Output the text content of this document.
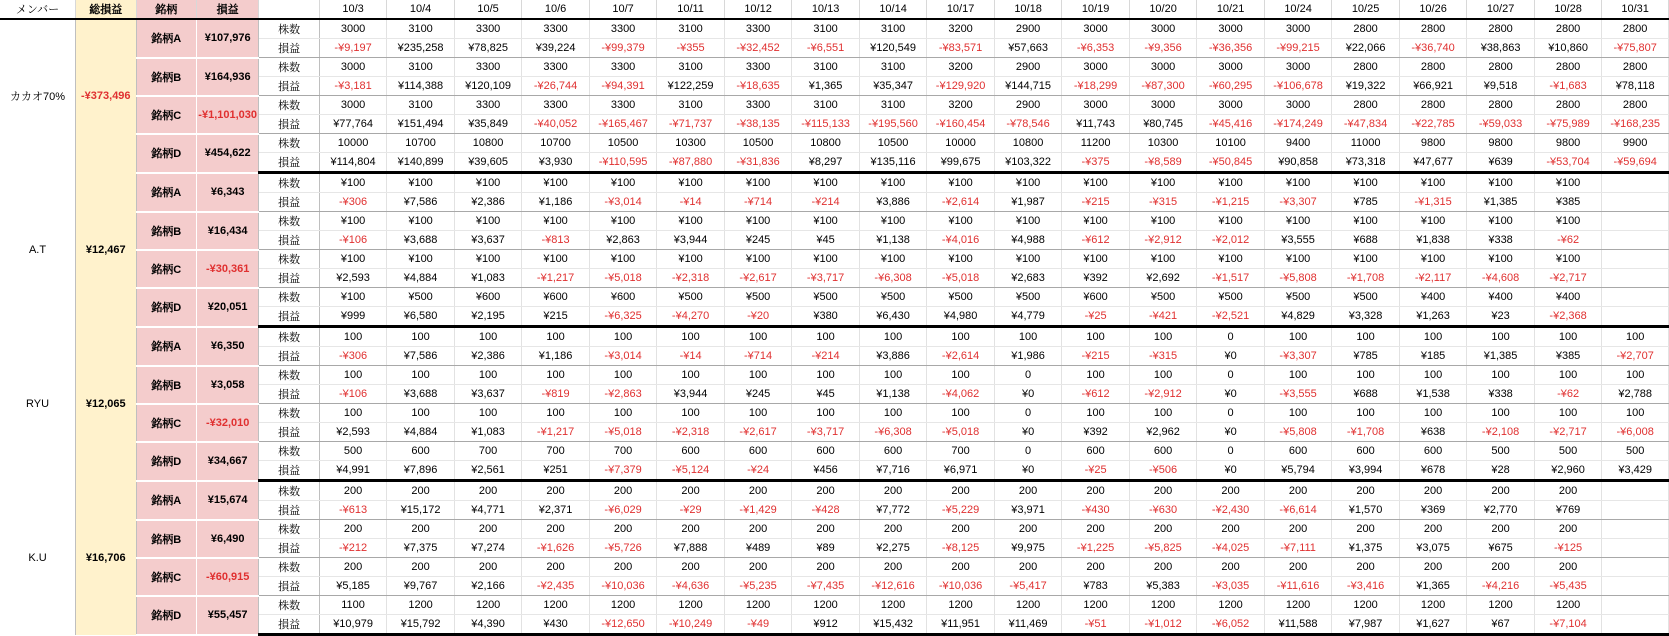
メンバー	総損益	銘柄	損益		10/3	10/4	10/5	10/6	10/7	10/11	10/12	10/13	10/14	10/17	10/18	10/19	10/20	10/21	10/24	10/25	10/26	10/27	10/28	10/31
カカオ70%	-¥373,496	銘柄A	¥107,976	株数	3000	3100	3300	3300	3300	3100	3300	3100	3100	3200	2900	3000	3000	3000	3000	2800	2800	2800	2800	2800
				損益	-¥9,197	¥235,258	¥78,825	¥39,224	-¥99,379	-¥355	-¥32,452	-¥6,551	¥120,549	-¥83,571	¥57,663	-¥6,353	-¥9,356	-¥36,356	-¥99,215	¥22,066	-¥36,740	¥38,863	¥10,860	-¥75,807
		銘柄B	¥164,936	株数	3000	3100	3300	3300	3300	3100	3300	3100	3100	3200	2900	3000	3000	3000	3000	2800	2800	2800	2800	2800
				損益	-¥3,181	¥114,388	¥120,109	-¥26,744	-¥94,391	¥122,259	-¥18,635	¥1,365	¥35,347	-¥129,920	¥144,715	-¥18,299	-¥87,300	-¥60,295	-¥106,678	¥19,322	¥66,921	¥9,518	-¥1,683	¥78,118
		銘柄C	-¥1,101,030	株数	3000	3100	3300	3300	3300	3100	3300	3100	3100	3200	2900	3000	3000	3000	3000	2800	2800	2800	2800	2800
				損益	¥77,764	¥151,494	¥35,849	-¥40,052	-¥165,467	-¥71,737	-¥38,135	-¥115,133	-¥195,560	-¥160,454	-¥78,546	¥11,743	¥80,745	-¥45,416	-¥174,249	-¥47,834	-¥22,785	-¥59,033	-¥75,989	-¥168,235
		銘柄D	¥454,622	株数	10000	10700	10800	10700	10500	10300	10500	10800	10500	10000	10800	11200	10300	10100	9400	11000	9800	9800	9800	9900
				損益	¥114,804	¥140,899	¥39,605	¥3,930	-¥110,595	-¥87,880	-¥31,836	¥8,297	¥135,116	¥99,675	¥103,322	-¥375	-¥8,589	-¥50,845	¥90,858	¥73,318	¥47,677	¥639	-¥53,704	-¥59,694
A.T	¥12,467	銘柄A	¥6,343	株数	¥100	¥100	¥100	¥100	¥100	¥100	¥100	¥100	¥100	¥100	¥100	¥100	¥100	¥100	¥100	¥100	¥100	¥100	¥100	
				損益	-¥306	¥7,586	¥2,386	¥1,186	-¥3,014	-¥14	-¥714	-¥214	¥3,886	-¥2,614	¥1,987	-¥215	-¥315	-¥1,215	-¥3,307	¥785	-¥1,315	¥1,385	¥385	
		銘柄B	¥16,434	株数	¥100	¥100	¥100	¥100	¥100	¥100	¥100	¥100	¥100	¥100	¥100	¥100	¥100	¥100	¥100	¥100	¥100	¥100	¥100	
				損益	-¥106	¥3,688	¥3,637	-¥813	¥2,863	¥3,944	¥245	¥45	¥1,138	-¥4,016	¥4,988	-¥612	-¥2,912	-¥2,012	¥3,555	¥688	¥1,838	¥338	-¥62	
		銘柄C	-¥30,361	株数	¥100	¥100	¥100	¥100	¥100	¥100	¥100	¥100	¥100	¥100	¥100	¥100	¥100	¥100	¥100	¥100	¥100	¥100	¥100	
				損益	¥2,593	¥4,884	¥1,083	-¥1,217	-¥5,018	-¥2,318	-¥2,617	-¥3,717	-¥6,308	-¥5,018	¥2,683	¥392	¥2,692	-¥1,517	-¥5,808	-¥1,708	-¥2,117	-¥4,608	-¥2,717	
		銘柄D	¥20,051	株数	¥100	¥500	¥600	¥600	¥600	¥500	¥500	¥500	¥500	¥500	¥500	¥600	¥500	¥500	¥500	¥500	¥400	¥400	¥400	
				損益	¥999	¥6,580	¥2,195	¥215	-¥6,325	-¥4,270	-¥20	¥380	¥6,430	¥4,980	¥4,779	-¥25	-¥421	-¥2,521	¥4,829	¥3,328	¥1,263	¥23	-¥2,368	
RYU	¥12,065	銘柄A	¥6,350	株数	100	100	100	100	100	100	100	100	100	100	100	100	100	0	100	100	100	100	100	100
				損益	-¥306	¥7,586	¥2,386	¥1,186	-¥3,014	-¥14	-¥714	-¥214	¥3,886	-¥2,614	¥1,986	-¥215	-¥315	¥0	-¥3,307	¥785	¥185	¥1,385	¥385	-¥2,707
		銘柄B	¥3,058	株数	100	100	100	100	100	100	100	100	100	100	0	100	100	0	100	100	100	100	100	100
				損益	-¥106	¥3,688	¥3,637	-¥819	-¥2,863	¥3,944	¥245	¥45	¥1,138	-¥4,062	¥0	-¥612	-¥2,912	¥0	-¥3,555	¥688	¥1,538	¥338	-¥62	¥2,788
		銘柄C	-¥32,010	株数	100	100	100	100	100	100	100	100	100	100	0	100	100	0	100	100	100	100	100	100
				損益	¥2,593	¥4,884	¥1,083	-¥1,217	-¥5,018	-¥2,318	-¥2,617	-¥3,717	-¥6,308	-¥5,018	¥0	¥392	¥2,962	¥0	-¥5,808	-¥1,708	¥638	-¥2,108	-¥2,717	-¥6,008
		銘柄D	¥34,667	株数	500	600	700	700	700	600	600	600	600	700	0	600	600	0	600	600	600	500	500	500
				損益	¥4,991	¥7,896	¥2,561	¥251	-¥7,379	-¥5,124	-¥24	¥456	¥7,716	¥6,971	¥0	-¥25	-¥506	¥0	¥5,794	¥3,994	¥678	¥28	¥2,960	¥3,429
K.U	¥16,706	銘柄A	¥15,674	株数	200	200	200	200	200	200	200	200	200	200	200	200	200	200	200	200	200	200	200	
				損益	-¥613	¥15,172	¥4,771	¥2,371	-¥6,029	-¥29	-¥1,429	-¥428	¥7,772	-¥5,229	¥3,971	-¥430	-¥630	-¥2,430	-¥6,614	¥1,570	¥369	¥2,770	¥769	
		銘柄B	¥6,490	株数	200	200	200	200	200	200	200	200	200	200	200	200	200	200	200	200	200	200	200	
				損益	-¥212	¥7,375	¥7,274	-¥1,626	-¥5,726	¥7,888	¥489	¥89	¥2,275	-¥8,125	¥9,975	-¥1,225	-¥5,825	-¥4,025	-¥7,111	¥1,375	¥3,075	¥675	-¥125	
		銘柄C	-¥60,915	株数	200	200	200	200	200	200	200	200	200	200	200	200	200	200	200	200	200	200	200	
				損益	¥5,185	¥9,767	¥2,166	-¥2,435	-¥10,036	-¥4,636	-¥5,235	-¥7,435	-¥12,616	-¥10,036	-¥5,417	¥783	¥5,383	-¥3,035	-¥11,616	-¥3,416	¥1,365	-¥4,216	-¥5,435	
		銘柄D	¥55,457	株数	1100	1200	1200	1200	1200	1200	1200	1200	1200	1200	1200	1200	1200	1200	1200	1200	1200	1200	1200	
				損益	¥10,979	¥15,792	¥4,390	¥430	-¥12,650	-¥10,249	-¥49	¥912	¥15,432	¥11,951	¥11,469	-¥51	-¥1,012	-¥6,052	¥11,588	¥7,987	¥1,627	¥67	-¥7,104	
